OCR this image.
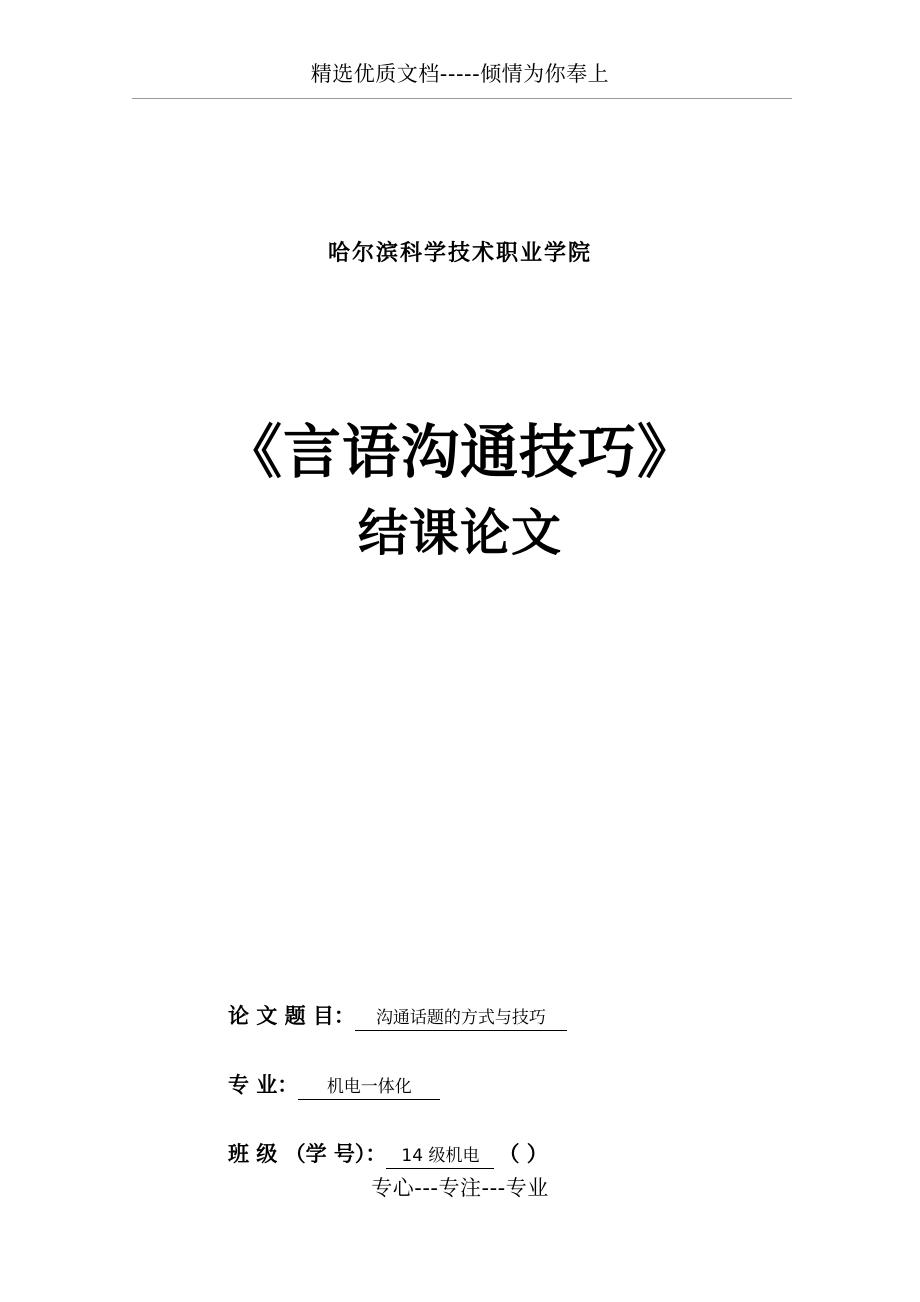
精选优质文档-----倾情为你奉上
哈尔滨科学技术职业学院
《言语沟通技巧》
结课论文
论 文 题 目：	沟通话题的方式与技巧
专 业：	机电一体化
班 级 （学 号）： 14 级机电 （ ）
专心---专注---专业
